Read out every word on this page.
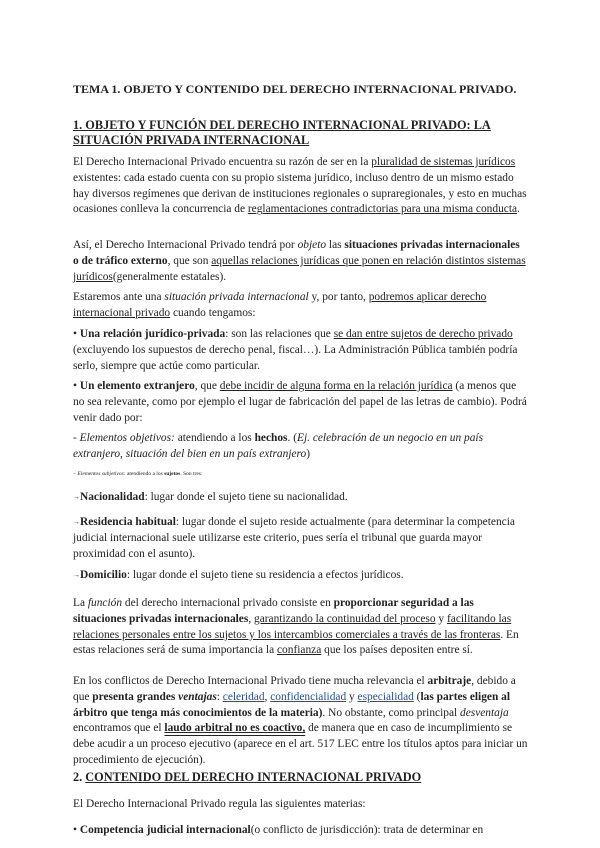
TEMA 1. OBJETO Y CONTENIDO DEL DERECHO INTERNACIONAL PRIVADO.
1. OBJETO Y FUNCIÓN DEL DERECHO INTERNACIONAL PRIVADO: LA
SITUACIÓN PRIVADA INTERNACIONAL
El Derecho Internacional Privado encuentra su razón de ser en la pluralidad de sistemas jurídicos existentes: cada estado cuenta con su propio sistema jurídico, incluso dentro de un mismo estado hay diversos regímenes que derivan de instituciones regionales o supraregionales, y esto en muchas ocasiones conlleva la concurrencia de reglamentaciones contradictorias para una misma conducta.
Así, el Derecho Internacional Privado tendrá por objeto las situaciones privadas internacionales o de tráfico externo, que son aquellas relaciones jurídicas que ponen en relación distintos sistemas jurídicos(generalmente estatales).
Estaremos ante una situación privada internacional y, por tanto, podremos aplicar derecho internacional privado cuando tengamos:
• Una relación jurídico-privada: son las relaciones que se dan entre sujetos de derecho privado (excluyendo los supuestos de derecho penal, fiscal…). La Administración Pública también podría serlo, siempre que actúe como particular.
• Un elemento extranjero, que debe incidir de alguna forma en la relación jurídica (a menos que no sea relevante, como por ejemplo el lugar de fabricación del papel de las letras de cambio). Podrá venir dado por:
- Elementos objetivos: atendiendo a los hechos. (Ej. celebración de un negocio en un país extranjero, situación del bien en un país extranjero)
− Elementos subjetivos: atendiendo a los sujetos. Son tres:
→Nacionalidad: lugar donde el sujeto tiene su nacionalidad.
→Residencia habitual: lugar donde el sujeto reside actualmente (para determinar la competencia judicial internacional suele utilizarse este criterio, pues sería el tribunal que guarda mayor proximidad con el asunto).
→Domicilio: lugar donde el sujeto tiene su residencia a efectos jurídicos.
La función del derecho internacional privado consiste en proporcionar seguridad a las situaciones privadas internacionales, garantizando la continuidad del proceso y facilitando las relaciones personales entre los sujetos y los intercambios comerciales a través de las fronteras. En estas relaciones será de suma importancia la confianza que los países depositen entre sí.
En los conflictos de Derecho Internacional Privado tiene mucha relevancia el arbitraje, debido a que presenta grandes ventajas: celeridad, confidencialidad y especialidad (las partes eligen al árbitro que tenga más conocimientos de la materia). No obstante, como principal desventaja encontramos que el laudo arbitral no es coactivo, de manera que en caso de incumplimiento se debe acudir a un proceso ejecutivo (aparece en el art. 517 LEC entre los títulos aptos para iniciar un procedimiento de ejecución).
2. CONTENIDO DEL DERECHO INTERNACIONAL PRIVADO
El Derecho Internacional Privado regula las siguientes materias:
• Competencia judicial internacional(o conflicto de jurisdicción): trata de determinar en
